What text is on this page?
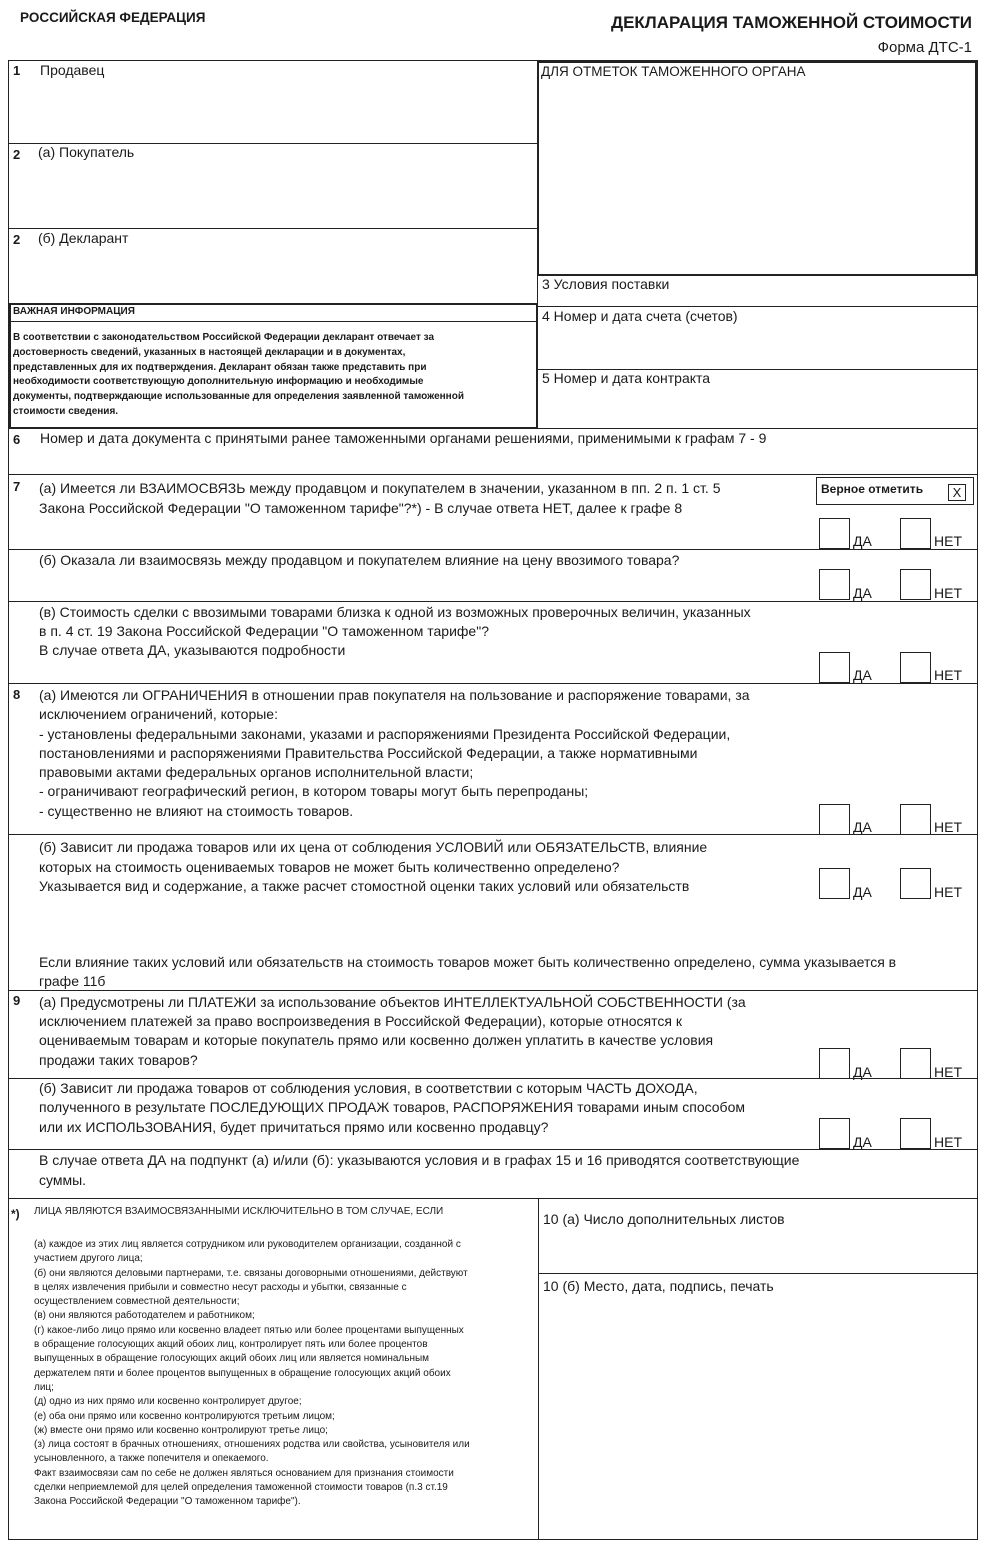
РОССИЙСКАЯ ФЕДЕРАЦИЯ	ДЕКЛАРАЦИЯ ТАМОЖЕННОЙ СТОИМОСТИ
Форма ДТС-1
1 Продавец
2 (а) Покупатель
2 (б) Декларант
ДЛЯ ОТМЕТОК ТАМОЖЕННОГО ОРГАНА
3 Условия поставки
4 Номер и дата счета (счетов)
5 Номер и дата контракта
ВАЖНАЯ ИНФОРМАЦИЯ
В соответствии с законодательством Российской Федерации декларант отвечает за
достоверность сведений, указанных в настоящей декларации и в документах,
представленных для их подтверждения. Декларант обязан также представить при
необходимости соответствующую дополнительную информацию и необходимые
документы, подтверждающие использованные для определения заявленной таможенной
стоимости сведения.
6 Номер и дата документа с принятыми ранее таможенными органами решениями, применимыми к графам 7 - 9
7 (а) Имеется ли ВЗАИМОСВЯЗЬ между продавцом и покупателем в значении, указанном в пп. 2 п. 1 ст. 5
Закона Российской Федерации "О таможенном тарифе"?*) - В случае ответа НЕТ, далее к графе 8
Верное отметить	X
ДА	НЕТ
(б) Оказала ли взаимосвязь между продавцом и покупателем влияние на цену ввозимого товара?
ДА	НЕТ
(в) Стоимость сделки с ввозимыми товарами близка к одной из возможных проверочных величин, указанных
в п. 4 ст. 19 Закона Российской Федерации "О таможенном тарифе"?
В случае ответа ДА, указываются подробности
ДА	НЕТ
8 (а) Имеются ли ОГРАНИЧЕНИЯ в отношении прав покупателя на пользование и распоряжение товарами, за
исключением ограничений, которые:
- установлены федеральными законами, указами и распоряжениями Президента Российской Федерации,
постановлениями и распоряжениями Правительства Российской Федерации, а также нормативными
правовыми актами федеральных органов исполнительной власти;
- ограничивают географический регион, в котором товары могут быть перепроданы;
- существенно не влияют на стоимость товаров.
ДА	НЕТ
(б) Зависит ли продажа товаров или их цена от соблюдения УСЛОВИЙ или ОБЯЗАТЕЛЬСТВ, влияние
которых на стоимость оцениваемых товаров не может быть количественно определено?
Указывается вид и содержание, а также расчет стомостной оценки таких условий или обязательств	ДА	НЕТ
Если влияние таких условий или обязательств на стоимость товаров может быть количественно определено, сумма указывается в
графе 11б
9 (а) Предусмотрены ли ПЛАТЕЖИ за использование объектов ИНТЕЛЛЕКТУАЛЬНОЙ СОБСТВЕННОСТИ (за
исключением платежей за право воспроизведения в Российской Федерации), которые относятся к
оцениваемым товарам и которые покупатель прямо или косвенно должен уплатить в качестве условия
продажи таких товаров?
ДА	НЕТ
(б) Зависит ли продажа товаров от соблюдения условия, в соответствии с которым ЧАСТЬ ДОХОДА,
полученного в результате ПОСЛЕДУЮЩИХ ПРОДАЖ товаров, РАСПОРЯЖЕНИЯ товарами иным способом
или их ИСПОЛЬЗОВАНИЯ, будет причитаться прямо или косвенно продавцу?
ДА	НЕТ
В случае ответа ДА на подпункт (а) и/или (б): указываются условия и в графах 15 и 16 приводятся соответствующие
суммы.
*) ЛИЦА ЯВЛЯЮТСЯ ВЗАИМОСВЯЗАННЫМИ ИСКЛЮЧИТЕЛЬНО В ТОМ СЛУЧАЕ, ЕСЛИ
(а) каждое из этих лиц является сотрудником или руководителем организации, созданной с
участием другого лица;
(б) они являются деловыми партнерами, т.е. связаны договорными отношениями, действуют
в целях извлечения прибыли и совместно несут расходы и убытки, связанные с
осуществлением совместной деятельности;
(в) они являются работодателем и работником;
(г) какое-либо лицо прямо или косвенно владеет пятью или более процентами выпущенных
в обращение голосующих акций обоих лиц, контролирует пять или более процентов
выпущенных в обращение голосующих акций обоих лиц или является номинальным
держателем пяти и более процентов выпущенных в обращение голосующих акций обоих
лиц;
(д) одно из них прямо или косвенно контролирует другое;
(е) оба они прямо или косвенно контролируются третьим лицом;
(ж) вместе они прямо или косвенно контролируют третье лицо;
(з) лица состоят в брачных отношениях, отношениях родства или свойства, усыновителя или
усыновленного, а также попечителя и опекаемого.
Факт взаимосвязи сам по себе не должен являться основанием для признания стоимости
сделки неприемлемой для целей определения таможенной стоимости товаров (п.3 ст.19
Закона Российской Федерации "О таможенном тарифе").
10 (а) Число дополнительных листов
10 (б) Место, дата, подпись, печать
